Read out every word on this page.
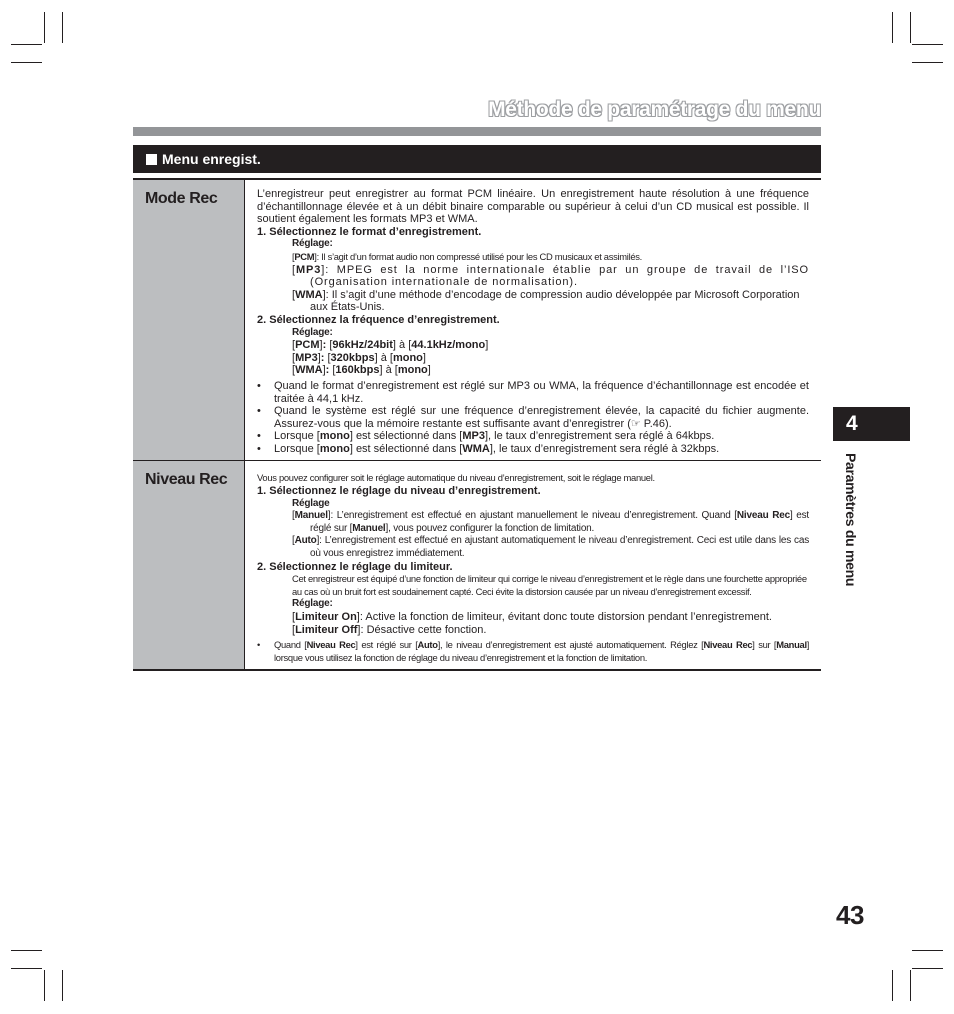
Méthode de paramétrage du menu
Menu enregist.
Mode Rec	L’enregistreur peut enregistrer au format PCM linéaire. Un enregistrement haute résolution à une fréquence d’échantillonnage élevée et à un débit binaire comparable ou supérieur à celui d’un CD musical est possible. Il soutient également les formats MP3 et WMA.

1. Sélectionnez le format d’enregistrement.

Réglage:

[PCM]: Il s’agit d’un format audio non compressé utilisé pour les CD musicaux et assimilés.

[MP3]: MPEG est la norme internationale établie par un groupe de travail de l’ISO (Organisation internationale de normalisation).

[WMA]: Il s’agit d’une méthode d’encodage de compression audio développée par Microsoft Corporation aux États-Unis.

2. Sélectionnez la fréquence d’enregistrement.

Réglage:

[PCM]: [96kHz/24bit] à [44.1kHz/mono]

[MP3]: [320kbps] à [mono]

[WMA]: [160kbps] à [mono]

• Quand le format d’enregistrement est réglé sur MP3 ou WMA, la fréquence d’échantillonnage est encodée et traitée à 44,1 kHz.
• Quand le système est réglé sur une fréquence d’enregistrement élevée, la capacité du fichier augmente. Assurez-vous que la mémoire restante est suffisante avant d’enregistrer (☞ P.46).
• Lorsque [mono] est sélectionné dans [MP3], le taux d’enregistrement sera réglé à 64kbps.
• Lorsque [mono] est sélectionné dans [WMA], le taux d’enregistrement sera réglé à 32kbps.
Niveau Rec	Vous pouvez configurer soit le réglage automatique du niveau d’enregistrement, soit le réglage manuel.

1. Sélectionnez le réglage du niveau d’enregistrement.

Réglage

[Manuel]: L’enregistrement est effectué en ajustant manuellement le niveau d’enregistrement. Quand [Niveau Rec] est réglé sur [Manuel], vous pouvez configurer la fonction de limitation.

[Auto]: L’enregistrement est effectué en ajustant automatiquement le niveau d’enregistrement. Ceci est utile dans les cas où vous enregistrez immédiatement.

2. Sélectionnez le réglage du limiteur.

Cet enregistreur est équipé d’une fonction de limiteur qui corrige le niveau d’enregistrement et le règle dans une fourchette appropriée au cas où un bruit fort est soudainement capté. Ceci évite la distorsion causée par un niveau d’enregistrement excessif.

Réglage:

[Limiteur On]: Active la fonction de limiteur, évitant donc toute distorsion pendant l’enregistrement.

[Limiteur Off]: Désactive cette fonction.

• Quand [Niveau Rec] est réglé sur [Auto], le niveau d’enregistrement est ajusté automatiquement. Réglez [Niveau Rec] sur [Manual] lorsque vous utilisez la fonction de réglage du niveau d’enregistrement et la fonction de limitation.
4
Paramètres du menu
43
